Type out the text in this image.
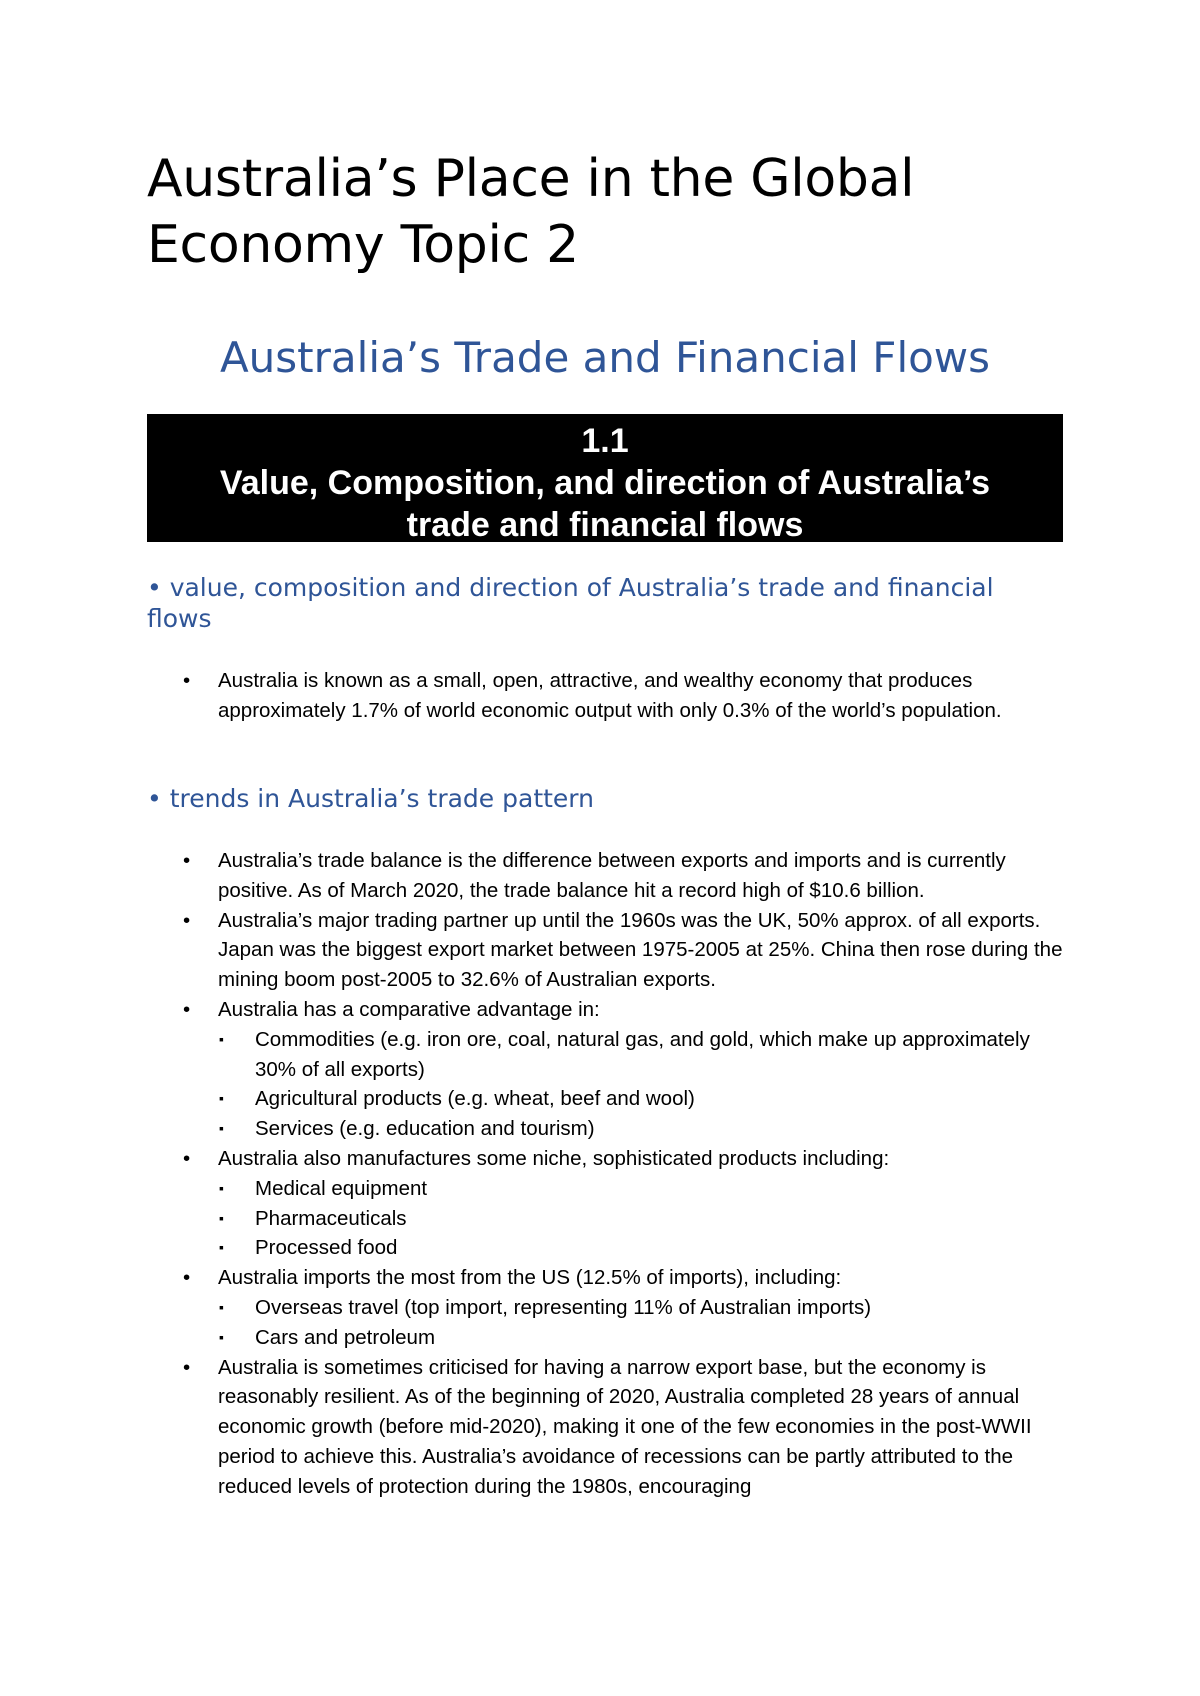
Australia’s Place in the Global Economy Topic 2
Australia’s Trade and Financial Flows
1.1
Value, Composition, and direction of Australia’s
trade and financial flows
• value, composition and direction of Australia’s trade and financial flows
• Australia is known as a small, open, attractive, and wealthy economy that produces approximately 1.7% of world economic output with only 0.3% of the world’s population.
• trends in Australia’s trade pattern
• Australia’s trade balance is the difference between exports and imports and is currently positive. As of March 2020, the trade balance hit a record high of $10.6 billion.
• Australia’s major trading partner up until the 1960s was the UK, 50% approx. of all exports. Japan was the biggest export market between 1975-2005 at 25%. China then rose during the mining boom post-2005 to 32.6% of Australian exports.
• Australia has a comparative advantage in:
▪ Commodities (e.g. iron ore, coal, natural gas, and gold, which make up approximately 30% of all exports)
▪ Agricultural products (e.g. wheat, beef and wool)
▪ Services (e.g. education and tourism)
• Australia also manufactures some niche, sophisticated products including:
▪ Medical equipment
▪ Pharmaceuticals
▪ Processed food
• Australia imports the most from the US (12.5% of imports), including:
▪ Overseas travel (top import, representing 11% of Australian imports)
▪ Cars and petroleum
• Australia is sometimes criticised for having a narrow export base, but the economy is reasonably resilient. As of the beginning of 2020, Australia completed 28 years of annual economic growth (before mid-2020), making it one of the few economies in the post-WWII period to achieve this. Australia’s avoidance of recessions can be partly attributed to the reduced levels of protection during the 1980s, encouraging
